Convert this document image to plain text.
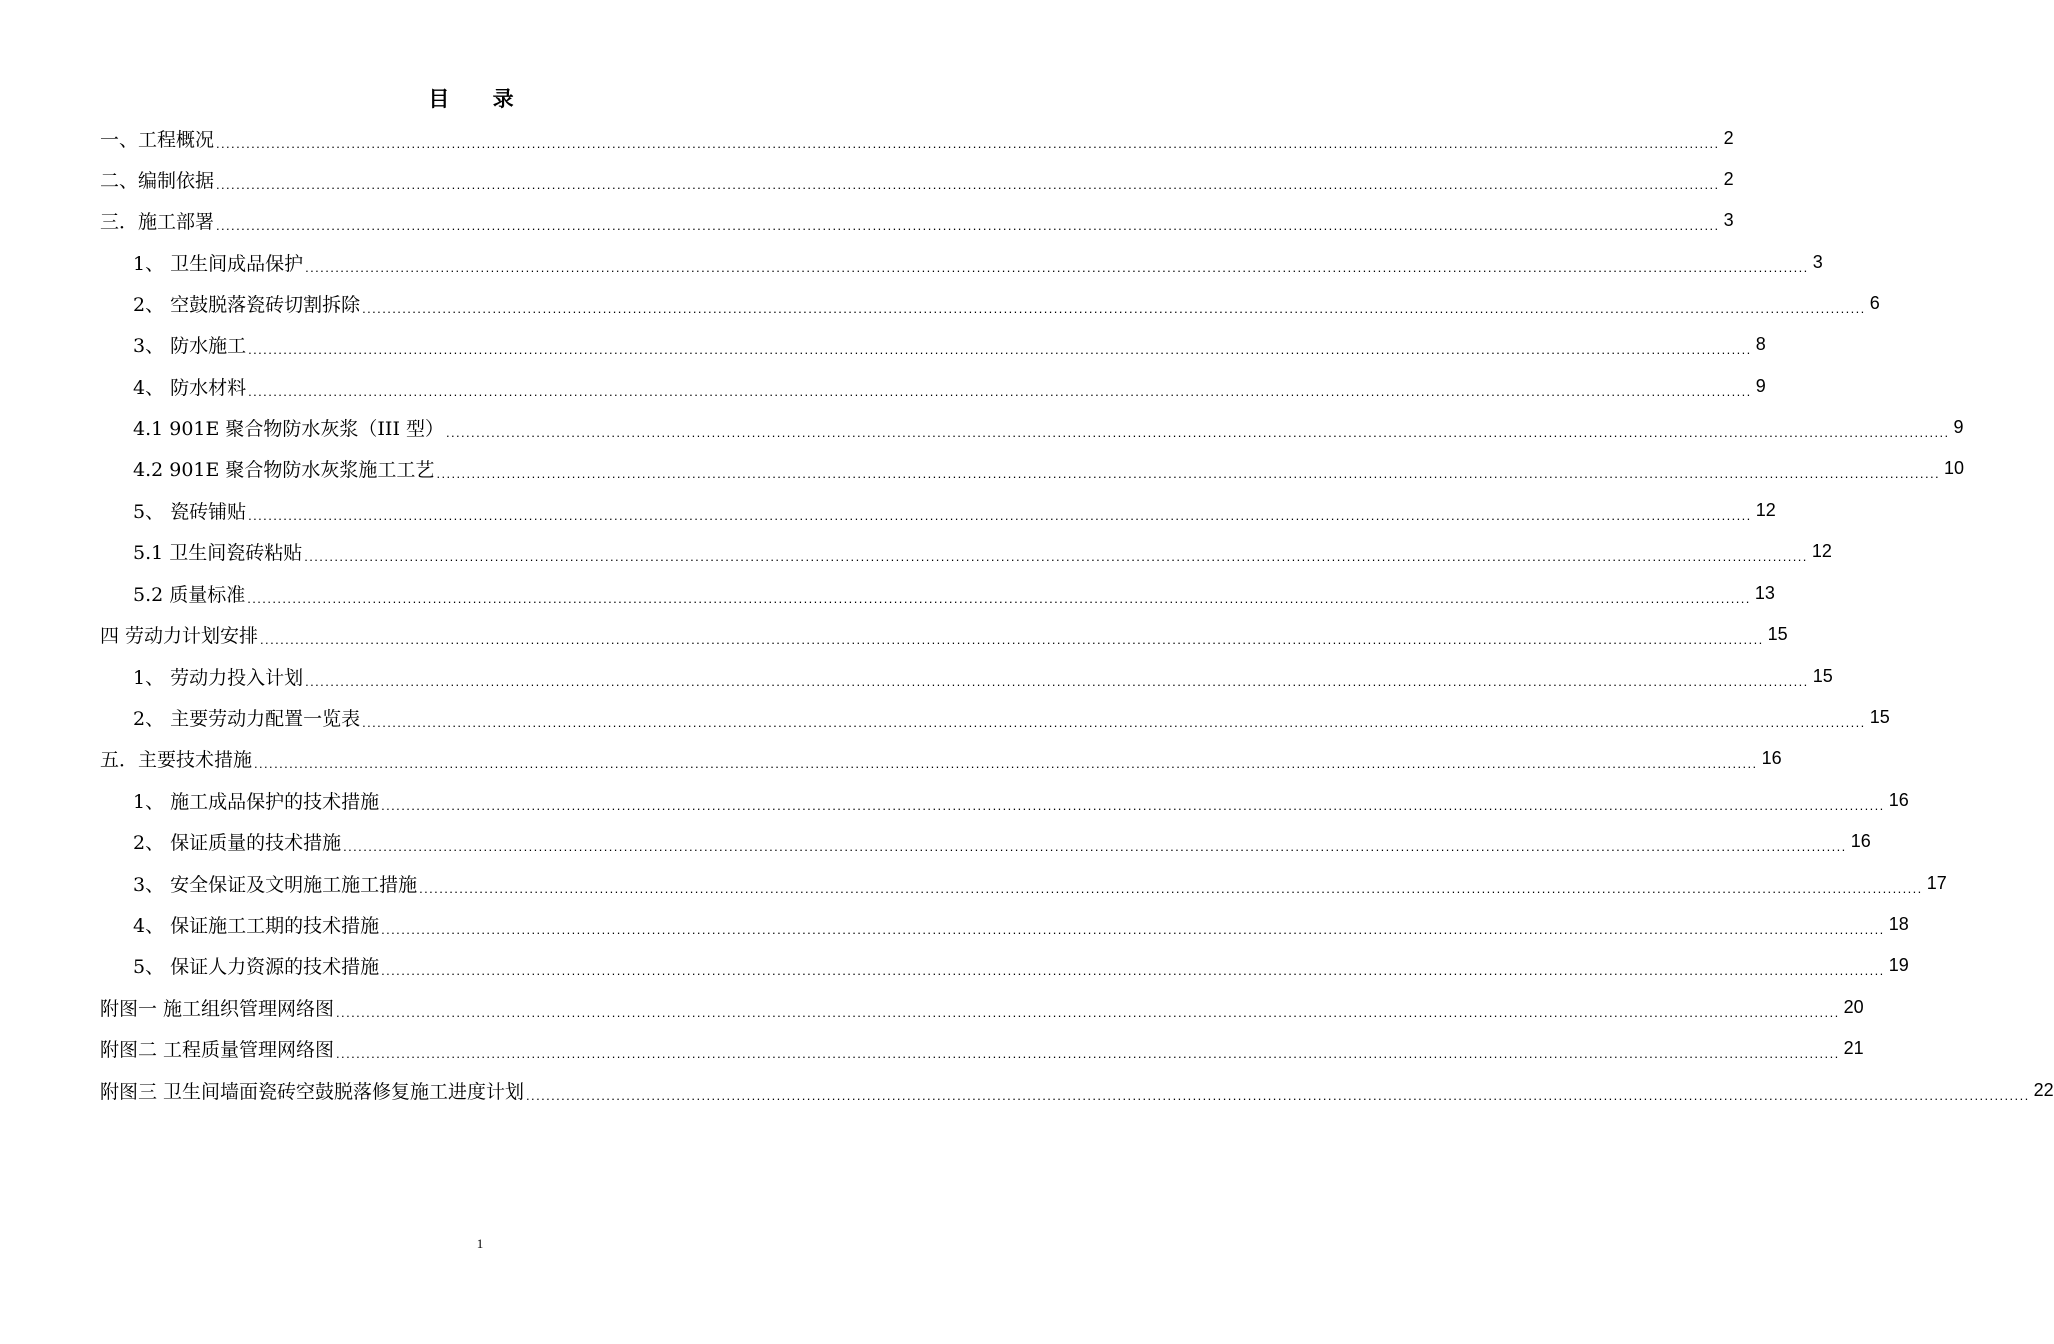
目 录
一、工程概况 ............................................................................................................................................................................................................................................................................................................ 2
二、编制依据 ............................................................................................................................................................................................................................................................................................................ 2
三．施工部署 ............................................................................................................................................................................................................................................................................................................ 3
1、 卫生间成品保护 ............................................................................................................................................................................................................................................................................................................ 3
2、 空鼓脱落瓷砖切割拆除 ............................................................................................................................................................................................................................................................................................................ 6
3、 防水施工 ............................................................................................................................................................................................................................................................................................................ 8
4、 防水材料 ............................................................................................................................................................................................................................................................................................................ 9
4.1 901E 聚合物防水灰浆（III 型） ............................................................................................................................................................................................................................................................................................................ 9
4.2 901E 聚合物防水灰浆施工工艺 ............................................................................................................................................................................................................................................................................................................ 10
5、 瓷砖铺贴 ............................................................................................................................................................................................................................................................................................................ 12
5.1 卫生间瓷砖粘贴 ............................................................................................................................................................................................................................................................................................................ 12
5.2 质量标准 ............................................................................................................................................................................................................................................................................................................ 13
四 劳动力计划安排 ............................................................................................................................................................................................................................................................................................................ 15
1、 劳动力投入计划 ............................................................................................................................................................................................................................................................................................................ 15
2、 主要劳动力配置一览表 ............................................................................................................................................................................................................................................................................................................ 15
五．主要技术措施 ............................................................................................................................................................................................................................................................................................................ 16
1、 施工成品保护的技术措施 ............................................................................................................................................................................................................................................................................................................ 16
2、 保证质量的技术措施 ............................................................................................................................................................................................................................................................................................................ 16
3、 安全保证及文明施工施工措施 ............................................................................................................................................................................................................................................................................................................ 17
4、 保证施工工期的技术措施 ............................................................................................................................................................................................................................................................................................................ 18
5、 保证人力资源的技术措施 ............................................................................................................................................................................................................................................................................................................ 19
附图一 施工组织管理网络图 ............................................................................................................................................................................................................................................................................................................ 20
附图二 工程质量管理网络图 ............................................................................................................................................................................................................................................................................................................ 21
附图三 卫生间墙面瓷砖空鼓脱落修复施工进度计划 ............................................................................................................................................................................................................................................................................................................ 22
1
